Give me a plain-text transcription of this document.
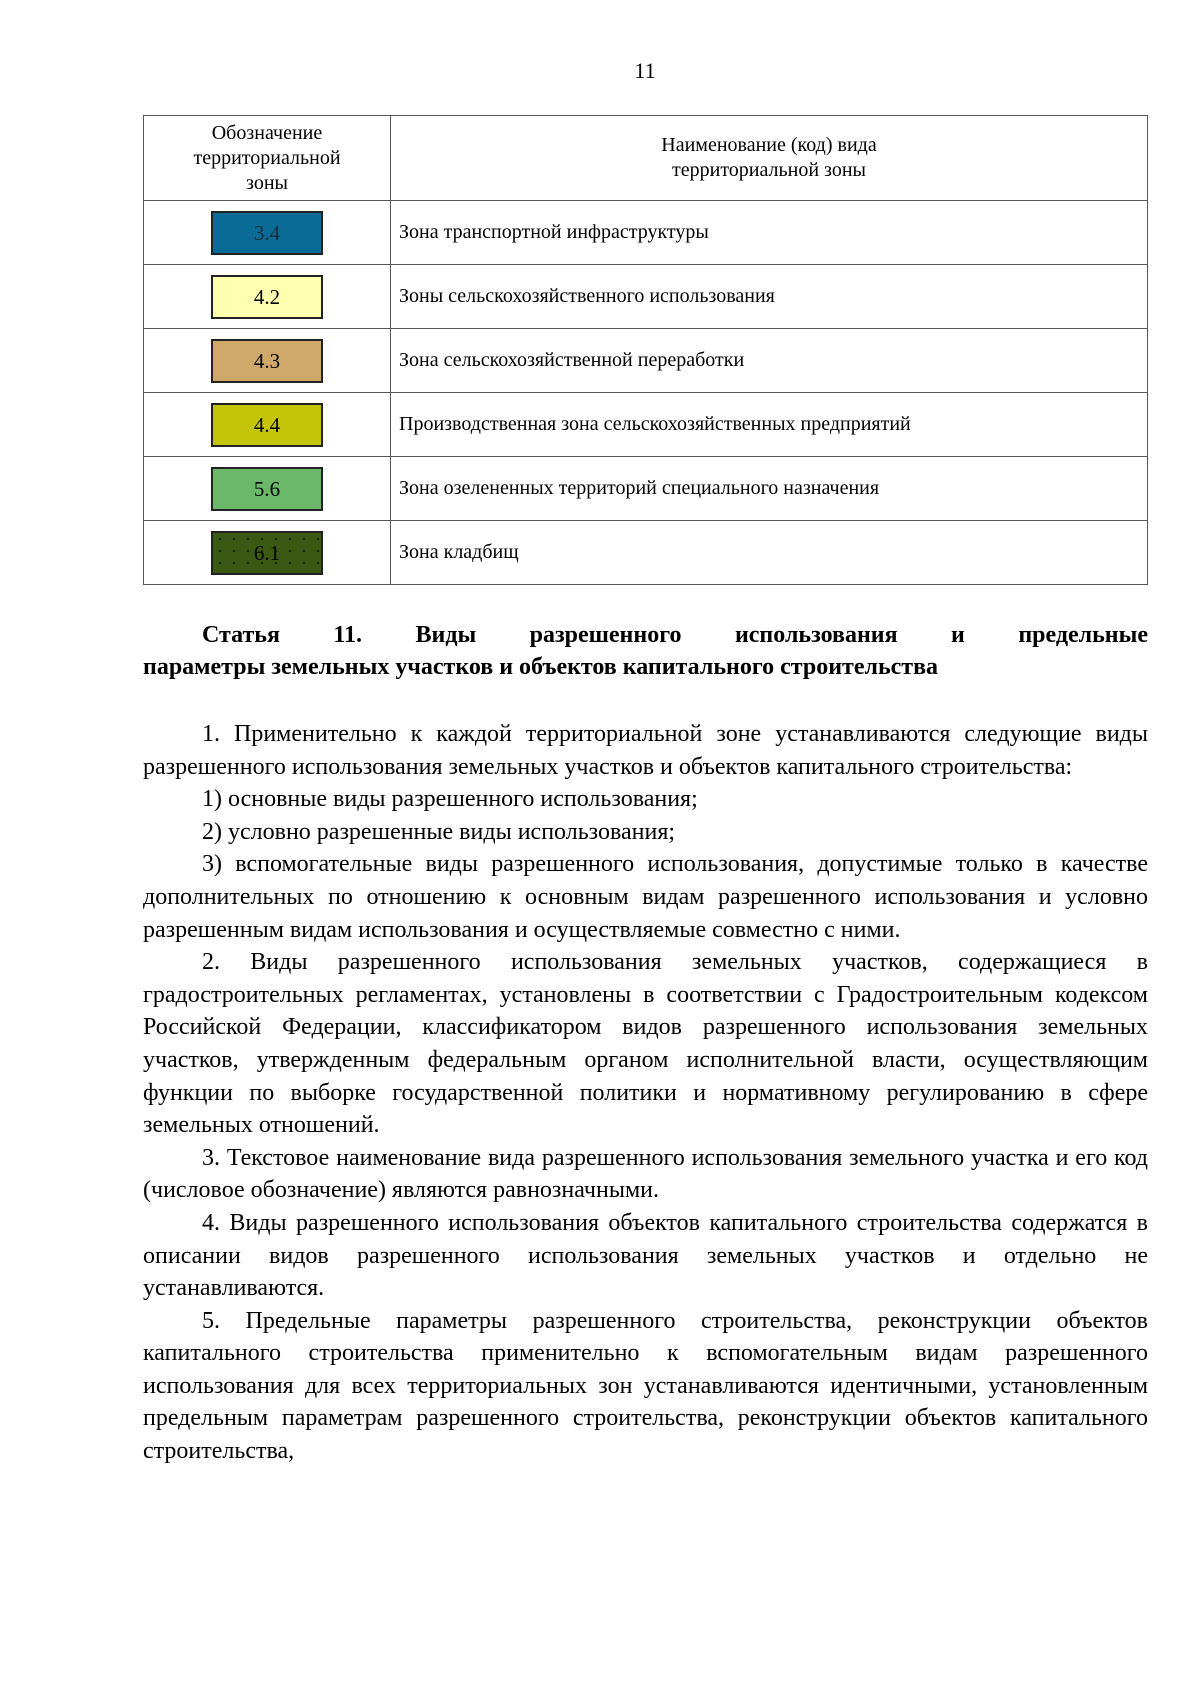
11
Обозначение территориальной зоны	Наименование (код) вида
территориальной зоны
3.4	Зона транспортной инфраструктуры
4.2	Зоны сельскохозяйственного использования
4.3	Зона сельскохозяйственной переработки
4.4	Производственная зона сельскохозяйственных предприятий
5.6	Зона озелененных территорий специального назначения
6.1	Зона кладбищ
Статья 11. Виды разрешенного использования и предельные
параметры земельных участков и объектов капитального строительства

1. Применительно к каждой территориальной зоне устанавливаются следующие виды разрешенного использования земельных участков и объектов капитального строительства:

1) основные виды разрешенного использования;

2) условно разрешенные виды использования;

3) вспомогательные виды разрешенного использования, допустимые только в качестве дополнительных по отношению к основным видам разрешенного использования и условно разрешенным видам использования и осуществляемые совместно с ними.

2. Виды разрешенного использования земельных участков, содержащиеся в градостроительных регламентах, установлены в соответствии с Градостроительным кодексом Российской Федерации, классификатором видов разрешенного использования земельных участков, утвержденным федеральным органом исполнительной власти, осуществляющим функции по выборке государственной политики и нормативному регулированию в сфере земельных отношений.

3. Текстовое наименование вида разрешенного использования земельного участка и его код (числовое обозначение) являются равнозначными.

4. Виды разрешенного использования объектов капитального строительства содержатся в описании видов разрешенного использования земельных участков и отдельно не устанавливаются.

5. Предельные параметры разрешенного строительства, реконструкции объектов капитального строительства применительно к вспомогательным видам разрешенного использования для всех территориальных зон устанавливаются идентичными, установленным предельным параметрам разрешенного строительства, реконструкции объектов капитального строительства,
